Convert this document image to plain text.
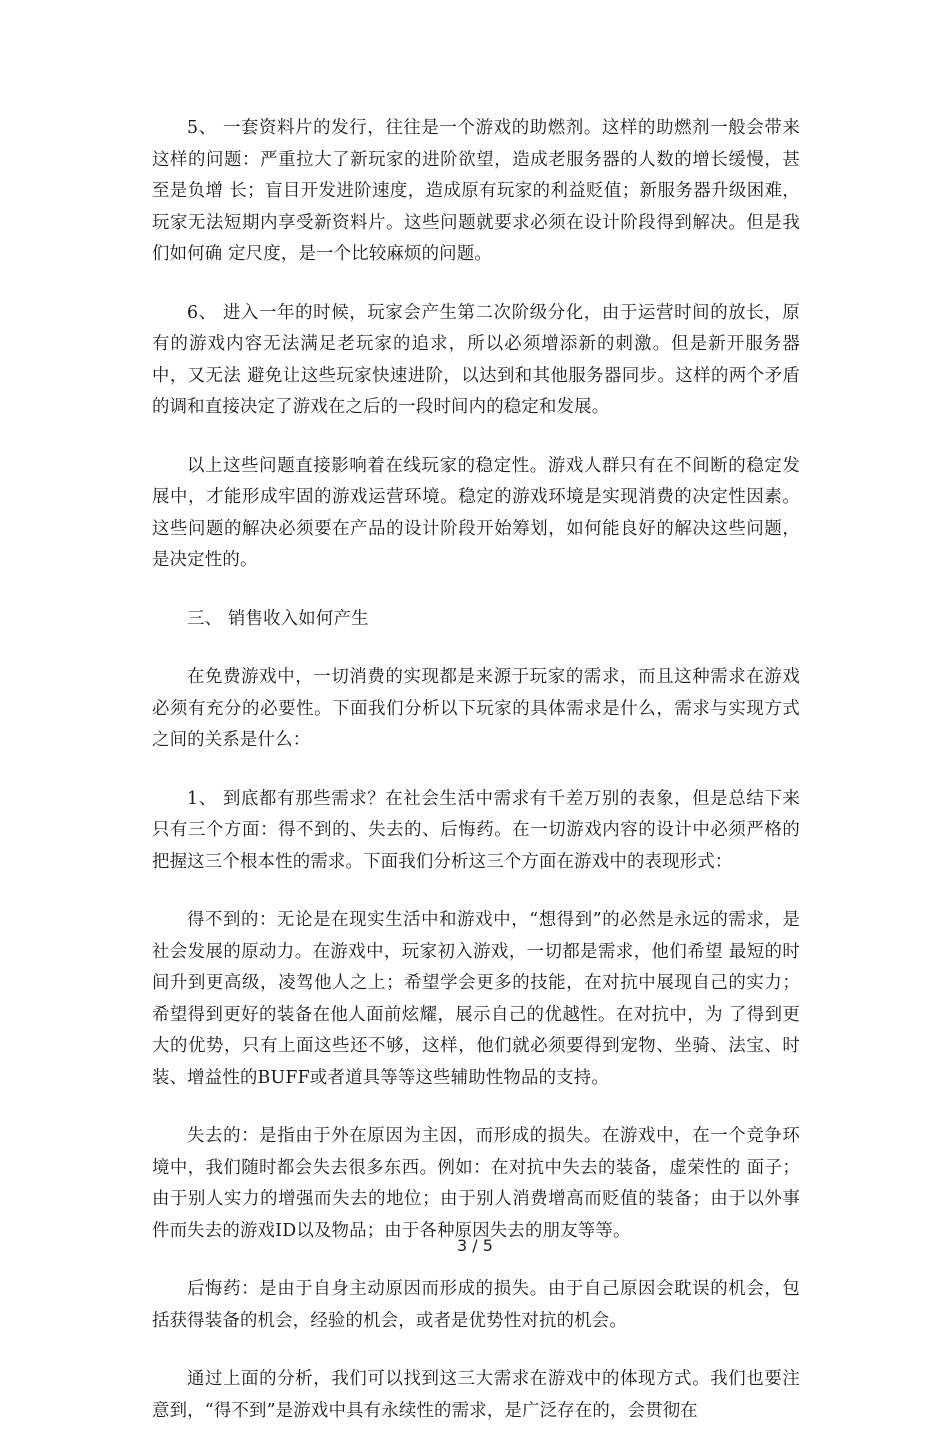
5、 一套资料片的发行，往往是一个游戏的助燃剂。这样的助燃剂一般会带来这样的问题：严重拉大了新玩家的进阶欲望，造成老服务器的人数的增长缓慢，甚至是负增 长；盲目开发进阶速度，造成原有玩家的利益贬值；新服务器升级困难，玩家无法短期内享受新资料片。这些问题就要求必须在设计阶段得到解决。但是我们如何确 定尺度，是一个比较麻烦的问题。

6、 进入一年的时候，玩家会产生第二次阶级分化，由于运营时间的放长，原有的游戏内容无法满足老玩家的追求，所以必须增添新的刺激。但是新开服务器中，又无法 避免让这些玩家快速进阶，以达到和其他服务器同步。这样的两个矛盾的调和直接决定了游戏在之后的一段时间内的稳定和发展。

以上这些问题直接影响着在线玩家的稳定性。游戏人群只有在不间断的稳定发展中，才能形成牢固的游戏运营环境。稳定的游戏环境是实现消费的决定性因素。这些问题的解决必须要在产品的设计阶段开始筹划，如何能良好的解决这些问题，是决定性的。

三、 销售收入如何产生

在免费游戏中，一切消费的实现都是来源于玩家的需求，而且这种需求在游戏必须有充分的必要性。下面我们分析以下玩家的具体需求是什么，需求与实现方式之间的关系是什么：

1、 到底都有那些需求？在社会生活中需求有千差万别的表象，但是总结下来只有三个方面：得不到的、失去的、后悔药。在一切游戏内容的设计中必须严格的把握这三个根本性的需求。下面我们分析这三个方面在游戏中的表现形式：

得不到的：无论是在现实生活中和游戏中，“想得到”的必然是永远的需求，是社会发展的原动力。在游戏中，玩家初入游戏，一切都是需求，他们希望 最短的时间升到更高级，凌驾他人之上；希望学会更多的技能，在对抗中展现自己的实力；希望得到更好的装备在他人面前炫耀，展示自己的优越性。在对抗中，为 了得到更大的优势，只有上面这些还不够，这样，他们就必须要得到宠物、坐骑、法宝、时装、增益性的BUFF或者道具等等这些辅助性物品的支持。

失去的：是指由于外在原因为主因，而形成的损失。在游戏中，在一个竞争环境中，我们随时都会失去很多东西。例如：在对抗中失去的装备，虚荣性的 面子；由于别人实力的增强而失去的地位；由于别人消费增高而贬值的装备；由于以外事件而失去的游戏ID以及物品；由于各种原因失去的朋友等等。

后悔药：是由于自身主动原因而形成的损失。由于自己原因会耽误的机会，包括获得装备的机会，经验的机会，或者是优势性对抗的机会。

通过上面的分析，我们可以找到这三大需求在游戏中的体现方式。我们也要注意到，“得不到”是游戏中具有永续性的需求，是广泛存在的，会贯彻在

3 / 5
